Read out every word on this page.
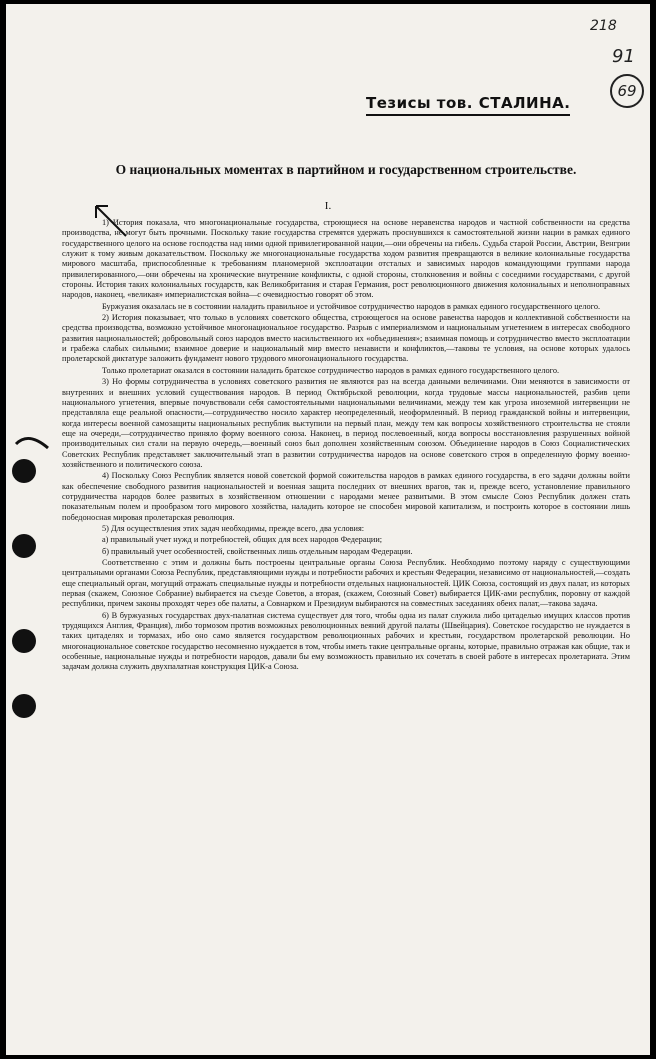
218
91
69
Тезисы тов. СТАЛИНА.
О национальных моментах в партийном и государственном строительстве.
I.

1) История показала, что многонациональные государства, строющиеся на основе неравенства народов и частной собственности на средства производства, не могут быть прочными. Поскольку такие государства стремятся удержать проснувшихся к самостоятельной жизни нации в рамках единого государственного целого на основе господства над ними одной привилегированной нации,—они обречены на гибель. Судьба старой России, Австрии, Венгрии служит к тому живым доказательством. Поскольку же многонациональные государства ходом развития превращаются в великие колониальные государства мирового масштаба, приспособленные к требованиям планомерной эксплоатации отсталых и зависимых народов командующими группами народа привилегированного,—они обречены на хронические внутренние конфликты, с одной стороны, столкновения и войны с соседними государствами, с другой стороны. История таких колониальных государств, как Великобритания и старая Германия, рост революционного движения колониальных и неполноправных народов, наконец, «великая» империалистская война—с очевидностью говорят об этом.

Буржуазия оказалась не в состоянии наладить правильное и устойчивое сотрудничество народов в рамках единого государственного целого.

2) История показывает, что только в условиях советского общества, строющегося на основе равенства народов и коллективной собственности на средства производства, возможно устойчивое многонациональное государство. Разрыв с империализмом и национальным угнетением в интересах свободного развития национальностей; добровольный союз народов вместо насильственного их «объединения»; взаимная помощь и сотрудничество вместо эксплоатации и грабежа слабых сильными; взаимное доверие и национальный мир вместо ненависти и конфликтов,—таковы те условия, на основе которых удалось пролетарской диктатуре заложить фундамент нового трудового многонационального государства.

Только пролетариат оказался в состоянии наладить братское сотрудничество народов в рамках единого государственного целого.

3) Но формы сотрудничества в условиях советского развития не являются раз на всегда данными величинами. Они меняются в зависимости от внутренних и внешних условий существования народов. В период Октябрьской революции, когда трудовые массы национальностей, разбив цепи национального угнетения, впервые почувствовали себя самостоятельными национальными величинами, между тем как угроза иноземной интервенции не представляла еще реальной опасности,—сотрудничество носило характер неопределенный, неоформленный. В период гражданской войны и интервенции, когда интересы военной самозащиты национальных республик выступили на первый план, между тем как вопросы хозяйственного строительства не стояли еще на очереди,—сотрудничество приняло форму военного союза. Наконец, в период послевоенный, когда вопросы восстановления разрушенных войной производительных сил стали на первую очередь,—военный союз был дополнен хозяйственным союзом. Объединение народов в Союз Социалистических Советских Республик представляет заключительный этап в развитии сотрудничества народов на основе советского строя в определенную форму военно-хозяйственного и политического союза.

4) Поскольку Союз Республик является новой советской формой сожительства народов в рамках единого государства, в его задачи должны войти как обеспечение свободного развития национальностей и военная защита последних от внешних врагов, так и, прежде всего, установление правильного сотрудничества народов более развитых в хозяйственном отношении с народами менее развитыми. В этом смысле Союз Республик должен стать показательным полем и прообразом того мирового хозяйства, наладить которое не способен мировой капитализм, и построить которое в состоянии лишь победоносная мировая пролетарская революция.

5) Для осуществления этих задач необходимы, прежде всего, два условия:

а) правильный учет нужд и потребностей, общих для всех народов Федерации;

б) правильный учет особенностей, свойственных лишь отдельным народам Федерации.

Соответственно с этим и должны быть построены центральные органы Союза Республик. Необходимо поэтому наряду с существующими центральными органами Союза Республик, представляющими нужды и потребности рабочих и крестьян Федерации, независимо от национальностей,—создать еще специальный орган, могущий отражать специальные нужды и потребности отдельных национальностей. ЦИК Союза, состоящий из двух палат, из которых первая (скажем, Союзное Собрание) выбирается на съезде Советов, а вторая, (скажем, Союзный Совет) выбирается ЦИК-ами республик, поровну от каждой республики, причем законы проходят через обе палаты, а Совнарком и Президиум выбираются на совместных заседаниях обеих палат,—такова задача.

6) В буржуазных государствах двух-палатная система существует для того, чтобы одна из палат служила либо цитаделью имущих классов против трудящихся Англия, Франция), либо тормозом против возможных революционных веяний другой палаты (Швейцария). Советское государство не нуждается в таких цитаделях и тормазах, ибо оно само является государством революционных рабочих и крестьян, государством пролетарской революции. Но многонациональное советское государство несомненно нуждается в том, чтобы иметь такие центральные органы, которые, правильно отражая как общие, так и особенные, национальные нужды и потребности народов, давали бы ему возможность правильно их сочетать в своей работе в интересах пролетариата. Этим задачам должна служить двухпалатная конструкция ЦИК-а Союза.
